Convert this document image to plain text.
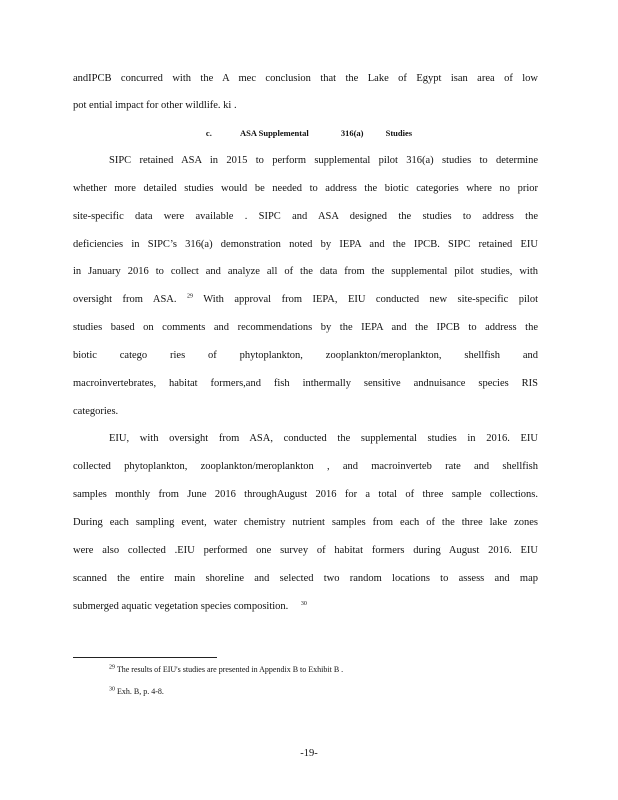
andIPCB concurred with the A mec conclusion that the Lake of Egypt isan area of low
pot ential impact for other wildlife. ki .
c.	ASA Supplemental	316(a)	Studies
SIPC retained ASA in 2015 to perform supplemental pilot 316(a) studies to determine
whether more detailed studies would be needed to address the biotic categories where no prior
site-specific data were available . SIPC and ASA designed the studies to address the
deficiencies in SIPC’s 316(a) demonstration noted by IEPA and the IPCB. SIPC retained EIU
in January 2016 to collect and analyze all of the data from the supplemental pilot studies, with
oversight from ASA. $^{29}$ With approval from IEPA, EIU conducted new site-specific pilot
studies based on comments and recommendations by the IEPA and the IPCB to address the
biotic catego ries of phytoplankton, zooplankton/meroplankton, shellfish and
macroinvertebrates, habitat formers,and fish inthermally sensitive andnuisance species RIS
categories.
EIU, with oversight from ASA, conducted the supplemental studies in 2016. EIU
collected phytoplankton, zooplankton/meroplankton , and macroinverteb rate and shellfish
samples monthly from June 2016 throughAugust 2016 for a total of three sample collections.
During each sampling event, water chemistry nutrient samples from each of the three lake zones
were also collected .EIU performed one survey of habitat formers during August 2016. EIU
scanned the entire main shoreline and selected two random locations to assess and map
submerged aquatic vegetation species composition. $^{30}$
$^{29}$ The results of EIU's studies are presented in Appendix B to Exhibit B .
$^{30}$ Exh. B, p. 4-8.
-19-
